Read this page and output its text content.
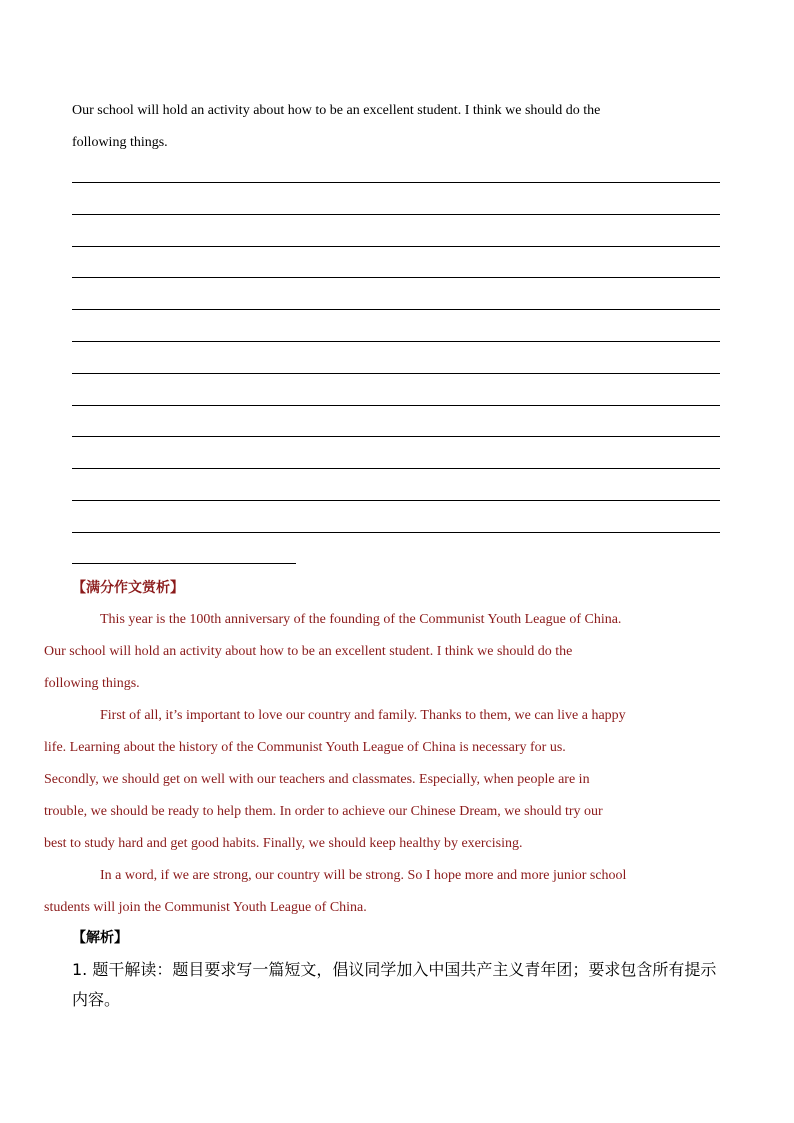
Our school will hold an activity about how to be an excellent student. I think we should do the
following things.
【满分作文赏析】

This year is the 100th anniversary of the founding of the Communist Youth League of China.
Our school will hold an activity about how to be an excellent student. I think we should do the
following things.

First of all, it’s important to love our country and family. Thanks to them, we can live a happy
life. Learning about the history of the Communist Youth League of China is necessary for us.
Secondly, we should get on well with our teachers and classmates. Especially, when people are in
trouble, we should be ready to help them. In order to achieve our Chinese Dream, we should try our
best to study hard and get good habits. Finally, we should keep healthy by exercising.

In a word, if we are strong, our country will be strong. So I hope more and more junior school
students will join the Communist Youth League of China.

【解析】
1. 题干解读：题目要求写一篇短文，倡议同学加入中国共产主义青年团；要求包含所有提示内容。
